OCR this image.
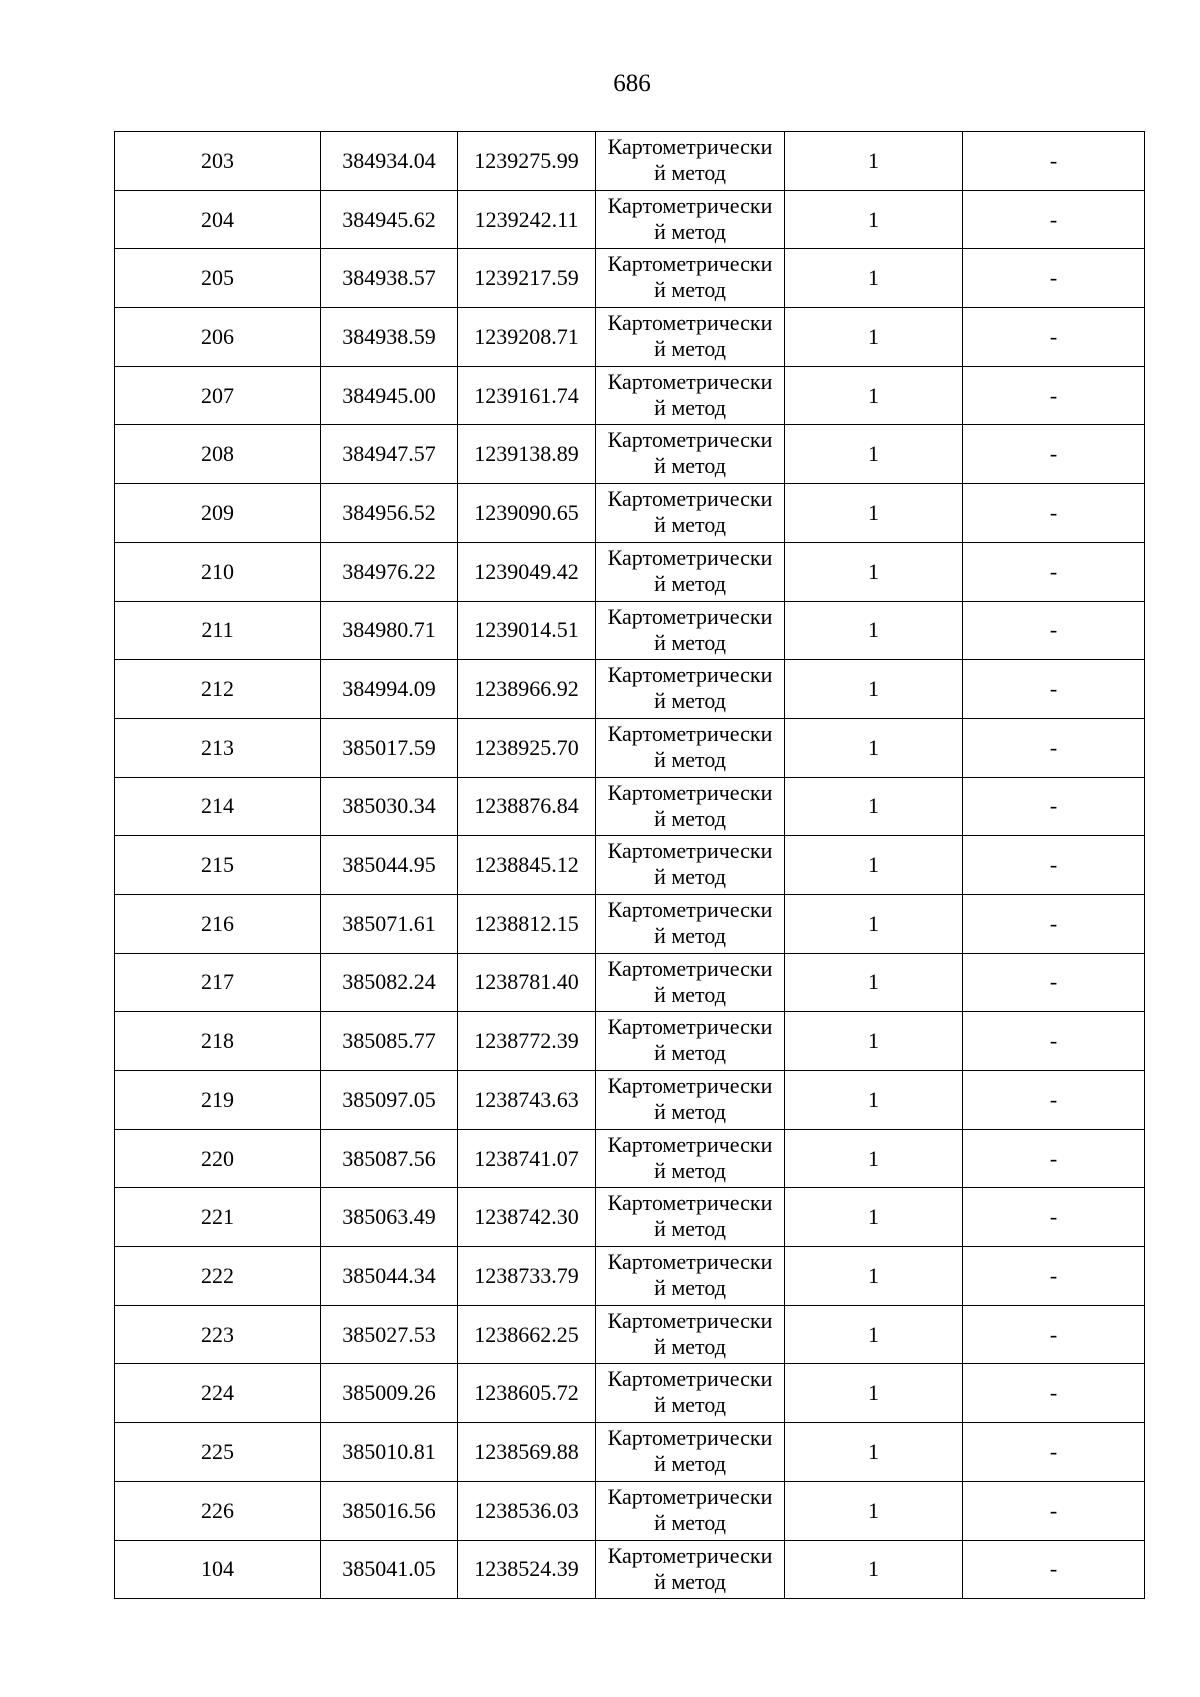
686
203	384934.04	1239275.99	Картометрически
й метод	1	-
204	384945.62	1239242.11	Картометрически
й метод	1	-
205	384938.57	1239217.59	Картометрически
й метод	1	-
206	384938.59	1239208.71	Картометрически
й метод	1	-
207	384945.00	1239161.74	Картометрически
й метод	1	-
208	384947.57	1239138.89	Картометрически
й метод	1	-
209	384956.52	1239090.65	Картометрически
й метод	1	-
210	384976.22	1239049.42	Картометрически
й метод	1	-
211	384980.71	1239014.51	Картометрически
й метод	1	-
212	384994.09	1238966.92	Картометрически
й метод	1	-
213	385017.59	1238925.70	Картометрически
й метод	1	-
214	385030.34	1238876.84	Картометрически
й метод	1	-
215	385044.95	1238845.12	Картометрически
й метод	1	-
216	385071.61	1238812.15	Картометрически
й метод	1	-
217	385082.24	1238781.40	Картометрически
й метод	1	-
218	385085.77	1238772.39	Картометрически
й метод	1	-
219	385097.05	1238743.63	Картометрически
й метод	1	-
220	385087.56	1238741.07	Картометрически
й метод	1	-
221	385063.49	1238742.30	Картометрически
й метод	1	-
222	385044.34	1238733.79	Картометрически
й метод	1	-
223	385027.53	1238662.25	Картометрически
й метод	1	-
224	385009.26	1238605.72	Картометрически
й метод	1	-
225	385010.81	1238569.88	Картометрически
й метод	1	-
226	385016.56	1238536.03	Картометрически
й метод	1	-
104	385041.05	1238524.39	Картометрически
й метод	1	-
